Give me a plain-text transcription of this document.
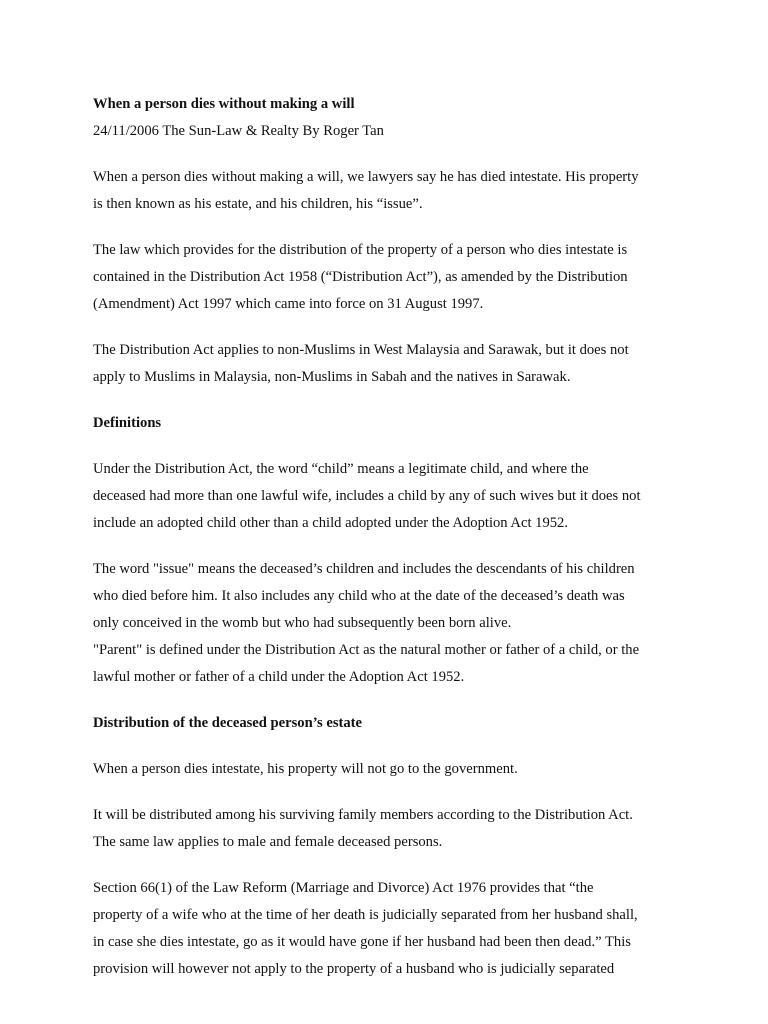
When a person dies without making a will

24/11/2006 The Sun-Law & Realty By Roger Tan

When a person dies without making a will, we lawyers say he has died intestate. His property

is then known as his estate, and his children, his “issue”.

The law which provides for the distribution of the property of a person who dies intestate is

contained in the Distribution Act 1958 (“Distribution Act”), as amended by the Distribution

(Amendment) Act 1997 which came into force on 31 August 1997.

The Distribution Act applies to non-Muslims in West Malaysia and Sarawak, but it does not

apply to Muslims in Malaysia, non-Muslims in Sabah and the natives in Sarawak.

Definitions

Under the Distribution Act, the word “child” means a legitimate child, and where the

deceased had more than one lawful wife, includes a child by any of such wives but it does not

include an adopted child other than a child adopted under the Adoption Act 1952.

The word "issue" means the deceased’s children and includes the descendants of his children

who died before him. It also includes any child who at the date of the deceased’s death was

only conceived in the womb but who had subsequently been born alive.

"Parent" is defined under the Distribution Act as the natural mother or father of a child, or the

lawful mother or father of a child under the Adoption Act 1952.

Distribution of the deceased person’s estate

When a person dies intestate, his property will not go to the government.

It will be distributed among his surviving family members according to the Distribution Act.

The same law applies to male and female deceased persons.

Section 66(1) of the Law Reform (Marriage and Divorce) Act 1976 provides that “the

property of a wife who at the time of her death is judicially separated from her husband shall,

in case she dies intestate, go as it would have gone if her husband had been then dead.” This

provision will however not apply to the property of a husband who is judicially separated
